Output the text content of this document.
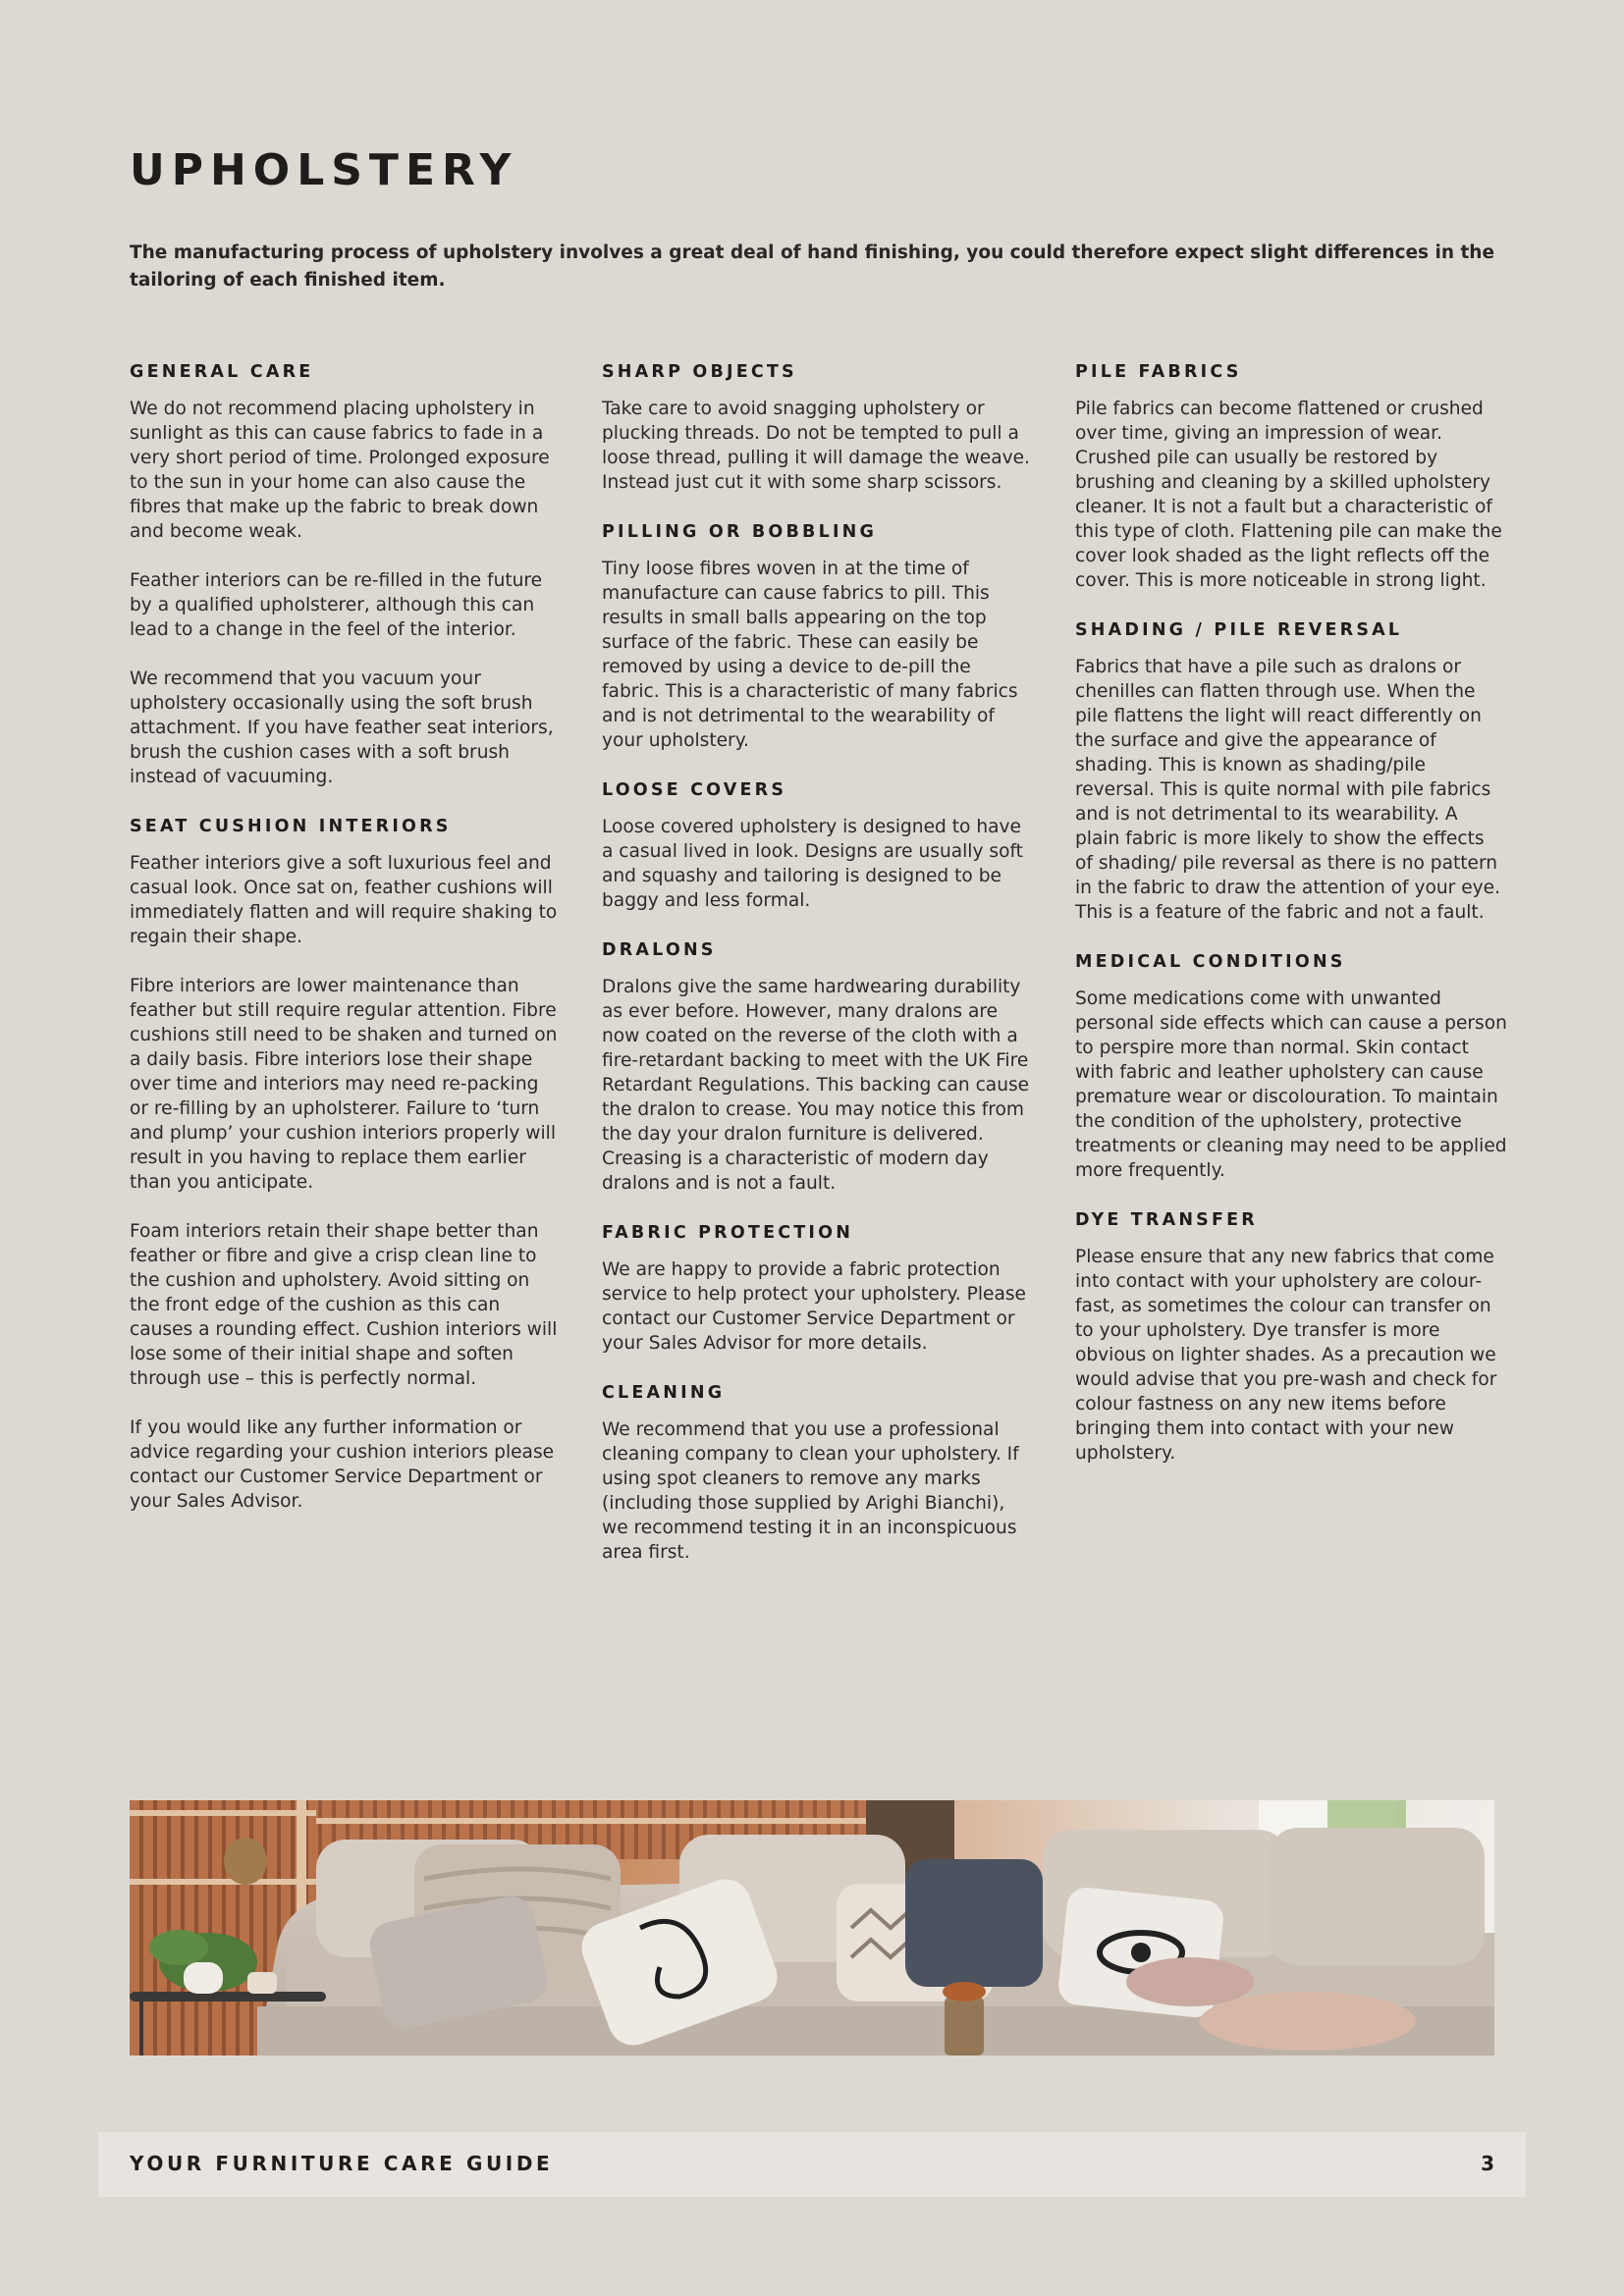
UPHOLSTERY

The manufacturing process of upholstery involves a great deal of hand finishing, you could therefore expect slight differences in the tailoring of each finished item.

GENERAL CARE

We do not recommend placing upholstery in sunlight as this can cause fabrics to fade in a very short period of time. Prolonged exposure to the sun in your home can also cause the fibres that make up the fabric to break down and become weak.

Feather interiors can be re-filled in the future by a qualified upholsterer, although this can lead to a change in the feel of the interior.

We recommend that you vacuum your upholstery occasionally using the soft brush attachment. If you have feather seat interiors, brush the cushion cases with a soft brush instead of vacuuming.

SEAT CUSHION INTERIORS

Feather interiors give a soft luxurious feel and casual look. Once sat on, feather cushions will immediately flatten and will require shaking to regain their shape.

Fibre interiors are lower maintenance than feather but still require regular attention. Fibre cushions still need to be shaken and turned on a daily basis. Fibre interiors lose their shape over time and interiors may need re-packing or re-filling by an upholsterer. Failure to ‘turn and plump’ your cushion interiors properly will result in you having to replace them earlier than you anticipate.

Foam interiors retain their shape better than feather or fibre and give a crisp clean line to the cushion and upholstery. Avoid sitting on the front edge of the cushion as this can causes a rounding effect. Cushion interiors will lose some of their initial shape and soften through use – this is perfectly normal.

If you would like any further information or advice regarding your cushion interiors please contact our Customer Service Department or your Sales Advisor.

SHARP OBJECTS

Take care to avoid snagging upholstery or plucking threads. Do not be tempted to pull a loose thread, pulling it will damage the weave. Instead just cut it with some sharp scissors.

PILLING OR BOBBLING

Tiny loose fibres woven in at the time of manufacture can cause fabrics to pill. This results in small balls appearing on the top surface of the fabric. These can easily be removed by using a device to de-pill the fabric. This is a characteristic of many fabrics and is not detrimental to the wearability of your upholstery.

LOOSE COVERS

Loose covered upholstery is designed to have a casual lived in look. Designs are usually soft and squashy and tailoring is designed to be baggy and less formal.

DRALONS

Dralons give the same hardwearing durability as ever before. However, many dralons are now coated on the reverse of the cloth with a fire-retardant backing to meet with the UK Fire Retardant Regulations. This backing can cause the dralon to crease. You may notice this from the day your dralon furniture is delivered. Creasing is a characteristic of modern day dralons and is not a fault.

FABRIC PROTECTION

We are happy to provide a fabric protection service to help protect your upholstery. Please contact our Customer Service Department or your Sales Advisor for more details.

CLEANING

We recommend that you use a professional cleaning company to clean your upholstery. If using spot cleaners to remove any marks (including those supplied by Arighi Bianchi), we recommend testing it in an inconspicuous area first.

PILE FABRICS

Pile fabrics can become flattened or crushed over time, giving an impression of wear. Crushed pile can usually be restored by brushing and cleaning by a skilled upholstery cleaner. It is not a fault but a characteristic of this type of cloth. Flattening pile can make the cover look shaded as the light reflects off the cover. This is more noticeable in strong light.

SHADING / PILE REVERSAL

Fabrics that have a pile such as dralons or chenilles can flatten through use. When the pile flattens the light will react differently on the surface and give the appearance of shading. This is known as shading/pile reversal. This is quite normal with pile fabrics and is not detrimental to its wearability. A plain fabric is more likely to show the effects of shading/ pile reversal as there is no pattern in the fabric to draw the attention of your eye. This is a feature of the fabric and not a fault.

MEDICAL CONDITIONS

Some medications come with unwanted personal side effects which can cause a person to perspire more than normal. Skin contact with fabric and leather upholstery can cause premature wear or discolouration. To maintain the condition of the upholstery, protective treatments or cleaning may need to be applied more frequently.

DYE TRANSFER

Please ensure that any new fabrics that come into contact with your upholstery are colour-fast, as sometimes the colour can transfer on to your upholstery. Dye transfer is more obvious on lighter shades. As a precaution we would advise that you pre-wash and check for colour fastness on any new items before bringing them into contact with your new upholstery.

YOUR FURNITURE CARE GUIDE	3
